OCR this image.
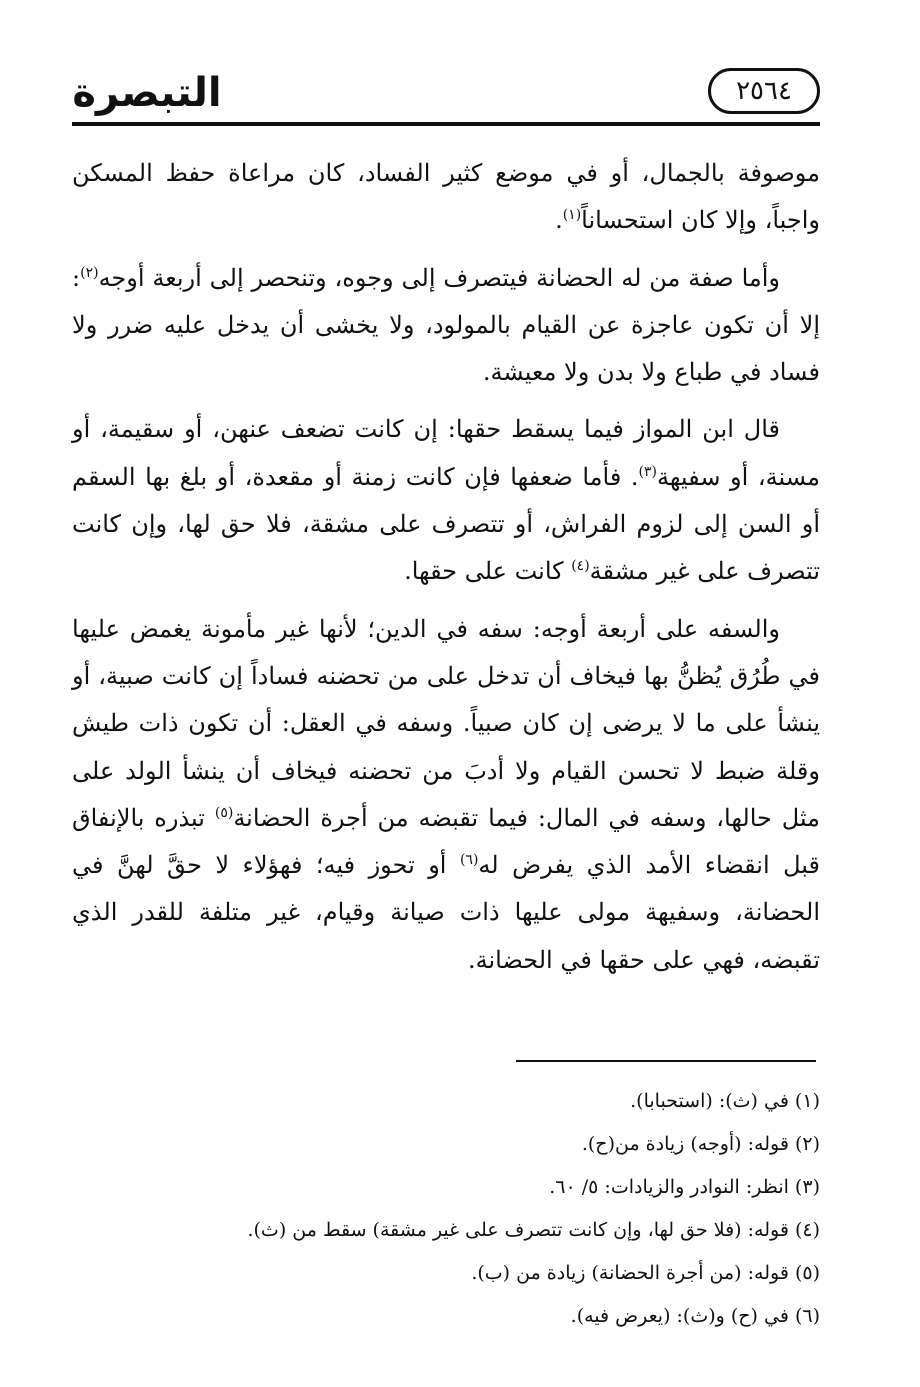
التبصرة	٢٥٦٤

موصوفة بالجمال، أو في موضع كثير الفساد، كان مراعاة حفظ المسكن واجباً، وإلا كان استحساناً$^{(١)}$.

وأما صفة من له الحضانة فيتصرف إلى وجوه، وتنحصر إلى أربعة أوجه$^{(٢)}$: إلا أن تكون عاجزة عن القيام بالمولود، ولا يخشى أن يدخل عليه ضرر ولا فساد في طباع ولا بدن ولا معيشة.

قال ابن المواز فيما يسقط حقها: إن كانت تضعف عنهن، أو سقيمة، أو مسنة، أو سفيهة$^{(٣)}$. فأما ضعفها فإن كانت زمنة أو مقعدة، أو بلغ بها السقم أو السن إلى لزوم الفراش، أو تتصرف على مشقة، فلا حق لها، وإن كانت تتصرف على غير مشقة$^{(٤)}$ كانت على حقها.

والسفه على أربعة أوجه: سفه في الدين؛ لأنها غير مأمونة يغمض عليها في طُرُق يُظنُّ بها فيخاف أن تدخل على من تحضنه فساداً إن كانت صبية، أو ينشأ على ما لا يرضى إن كان صبياً. وسفه في العقل: أن تكون ذات طيش وقلة ضبط لا تحسن القيام ولا أدبَ من تحضنه فيخاف أن ينشأ الولد على مثل حالها، وسفه في المال: فيما تقبضه من أجرة الحضانة$^{(٥)}$ تبذره بالإنفاق قبل انقضاء الأمد الذي يفرض له$^{(٦)}$ أو تحوز فيه؛ فهؤلاء لا حقَّ لهنَّ في الحضانة، وسفيهة مولى عليها ذات صيانة وقيام، غير متلفة للقدر الذي تقبضه، فهي على حقها في الحضانة.

(١) في (ث): (استحبابا).
(٢) قوله: (أوجه) زيادة من(ح).
(٣) انظر: النوادر والزيادات: ٥/ ٦٠.
(٤) قوله: (فلا حق لها، وإن كانت تتصرف على غير مشقة) سقط من (ث).
(٥) قوله: (من أجرة الحضانة) زيادة من (ب).
(٦) في (ح) و(ث): (يعرض فيه).
